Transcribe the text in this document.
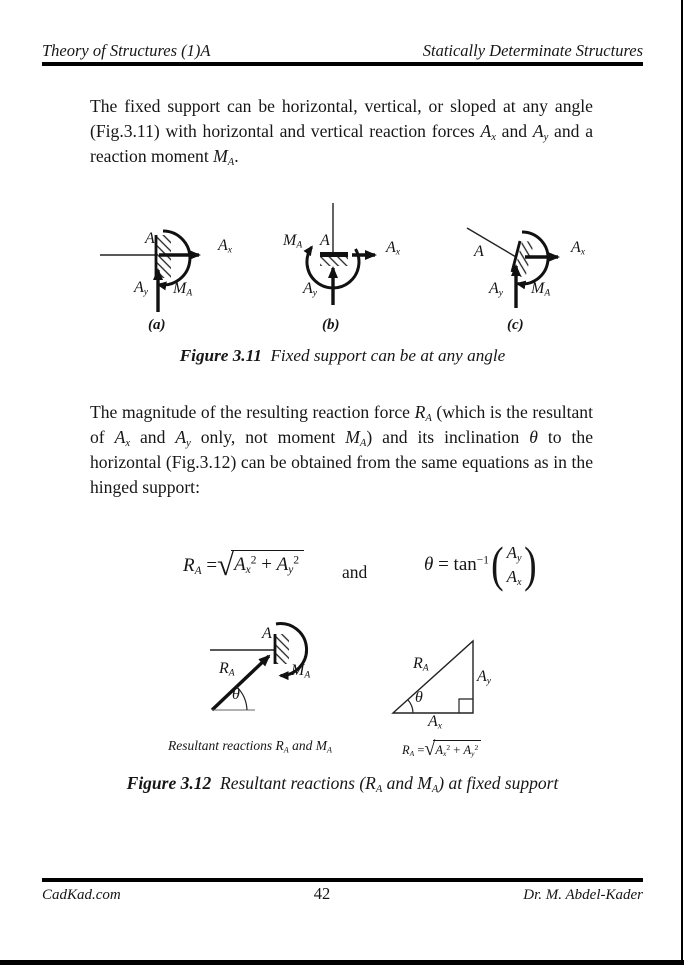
Theory of Structures (1)A	Statically Determinate Structures
The fixed support can be horizontal, vertical, or sloped at any angle (Fig.3.11) with horizontal and vertical reaction forces $A_x$ and $A_y$ and a reaction moment $M_A$.
A	$A_x$
$A_y$ $M_A$
(a)
$M_A$ A	$A_x$
$A_y$
(b)
A	$A_x$
$A_y$ $M_A$
(c)
Figure 3.11  Fixed support can be at any angle
The magnitude of the resulting reaction force $R_A$ (which is the resultant of $A_x$ and $A_y$ only, not moment $M_A$) and its inclination θ to the horizontal (Fig.3.12) can be obtained from the same equations as in the hinged support:
$R_A$ = √ $A_x^2 + A_y^2$
and	$\theta = \tan^{-1}$ ( $A_y$
$A_x$ )
A
$M_A$
$R_A$
θ
$R_A$
θ
$A_y$
$A_x$
Resultant reactions $R_A$ and $M_A$	$R_A$ = √ $A_x^2 + A_y^2$
Figure 3.12  Resultant reactions ($R_A$ and $M_A$) at fixed support
CadKad.com	42	Dr. M. Abdel-Kader
